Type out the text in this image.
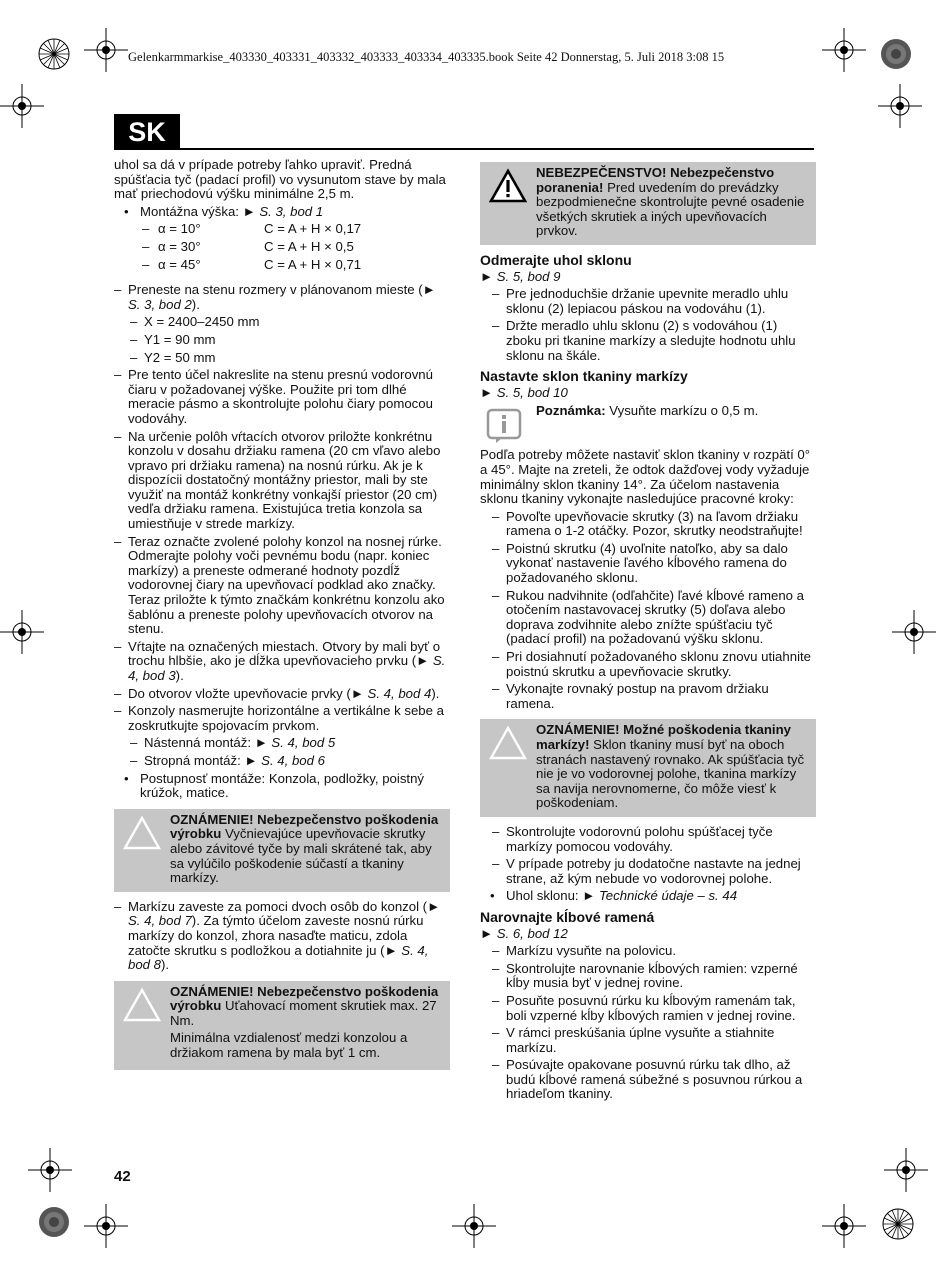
Gelenkarmmarkise_403330_403331_403332_403333_403334_403335.book Seite 42 Donnerstag, 5. Juli 2018 3:08 15
SK

uhol sa dá v prípade potreby ľahko upraviť. Predná spúšťacia tyč (padací profil) vo vysunutom stave by mala mať priechodovú výšku minimálne 2,5 m.

• Montážna výška: ► S. 3, bod 1
– α = 10°	C = A + H × 0,17
– α = 30°	C = A + H × 0,5
– α = 45°	C = A + H × 0,71
– Preneste na stenu rozmery v plánovanom mieste (► S. 3, bod 2).
– X = 2400–2450 mm
– Y1 = 90 mm
– Y2 = 50 mm
– Pre tento účel nakreslite na stenu presnú vodorovnú čiaru v požadovanej výške. Použite pri tom dlhé meracie pásmo a skontrolujte polohu čiary pomocou vodováhy.
– Na určenie polôh vŕtacích otvorov priložte konkrétnu konzolu v dosahu držiaku ramena (20 cm vľavo alebo vpravo pri držiaku ramena) na nosnú rúrku. Ak je k dispozícii dostatočný montážny priestor, mali by ste využiť na montáž konkrétny vonkajší priestor (20 cm) vedľa držiaku ramena. Existujúca tretia konzola sa umiestňuje v strede markízy.
– Teraz označte zvolené polohy konzol na nosnej rúrke. Odmerajte polohy voči pevnému bodu (napr. koniec markízy) a preneste odmerané hodnoty pozdĺž vodorovnej čiary na upevňovací podklad ako značky. Teraz priložte k týmto značkám konkrétnu konzolu ako šablónu a preneste polohy upevňovacích otvorov na stenu.
– Vŕtajte na označených miestach. Otvory by mali byť o trochu hlbšie, ako je dĺžka upevňovacieho prvku (► S. 4, bod 3).
– Do otvorov vložte upevňovacie prvky (► S. 4, bod 4).
– Konzoly nasmerujte horizontálne a vertikálne k sebe a zoskrutkujte spojovacím prvkom.
– Nástenná montáž: ► S. 4, bod 5
– Stropná montáž: ► S. 4, bod 6
• Postupnosť montáže: Konzola, podložky, poistný krúžok, matice.
OZNÁMENIE! Nebezpečenstvo poškodenia výrobku Vyčnievajúce upevňovacie skrutky alebo závitové tyče by mali skrátené tak, aby sa vylúčilo poškodenie súčastí a tkaniny markízy.
– Markízu zaveste za pomoci dvoch osôb do konzol (► S. 4, bod 7). Za týmto účelom zaveste nosnú rúrku markízy do konzol, zhora nasaďte maticu, zdola zatočte skrutku s podložkou a dotiahnite ju (► S. 4, bod 8).

OZNÁMENIE! Nebezpečenstvo poškodenia výrobku Uťahovací moment skrutiek max. 27 Nm.

Minimálna vzdialenosť medzi konzolou a držiakom ramena by mala byť 1 cm.

NEBEZPEČENSTVO! Nebezpečenstvo poranenia! Pred uvedením do prevádzky bezpodmienečne skontrolujte pevné osadenie všetkých skrutiek a iných upevňovacích prvkov.
Odmerajte uhol sklonu
► S. 5, bod 9
– Pre jednoduchšie držanie upevnite meradlo uhlu sklonu (2) lepiacou páskou na vodováhu (1).
– Držte meradlo uhlu sklonu (2) s vodováhou (1) zboku pri tkanine markízy a sledujte hodnotu uhlu sklonu na škále.
Nastavte sklon tkaniny markízy
► S. 5, bod 10
Poznámka: Vysuňte markízu o 0,5 m.

Podľa potreby môžete nastaviť sklon tkaniny v rozpätí 0° a 45°. Majte na zreteli, že odtok dažďovej vody vyžaduje minimálny sklon tkaniny 14°. Za účelom nastavenia sklonu tkaniny vykonajte nasledujúce pracovné kroky:

– Povoľte upevňovacie skrutky (3) na ľavom držiaku ramena o 1-2 otáčky. Pozor, skrutky neodstraňujte!
– Poistnú skrutku (4) uvoľnite natoľko, aby sa dalo vykonať nastavenie ľavého kĺbového ramena do požadovaného sklonu.
– Rukou nadvihnite (odľahčite) ľavé kĺbové rameno a otočením nastavovacej skrutky (5) doľava alebo doprava zodvihnite alebo znížte spúšťaciu tyč (padací profil) na požadovanú výšku sklonu.
– Pri dosiahnutí požadovaného sklonu znovu utiahnite poistnú skrutku a upevňovacie skrutky.
– Vykonajte rovnaký postup na pravom držiaku ramena.
OZNÁMENIE! Možné poškodenia tkaniny markízy! Sklon tkaniny musí byť na oboch stranách nastavený rovnako. Ak spúšťacia tyč nie je vo vodorovnej polohe, tkanina markízy sa navija nerovnomerne, čo môže viesť k poškodeniam.
– Skontrolujte vodorovnú polohu spúšťacej tyče markízy pomocou vodováhy.
– V prípade potreby ju dodatočne nastavte na jednej strane, až kým nebude vo vodorovnej polohe.
• Uhol sklonu: ► Technické údaje – s. 44
Narovnajte kĺbové ramená
► S. 6, bod 12
– Markízu vysuňte na polovicu.
– Skontrolujte narovnanie kĺbových ramien: vzperné kĺby musia byť v jednej rovine.
– Posuňte posuvnú rúrku ku kĺbovým ramenám tak, boli vzperné kĺby kĺbových ramien v jednej rovine.
– V rámci preskúšania úplne vysuňte a stiahnite markízu.
– Posúvajte opakovane posuvnú rúrku tak dlho, až budú kĺbové ramená súbežné s posuvnou rúrkou a hriadeľom tkaniny.
42
